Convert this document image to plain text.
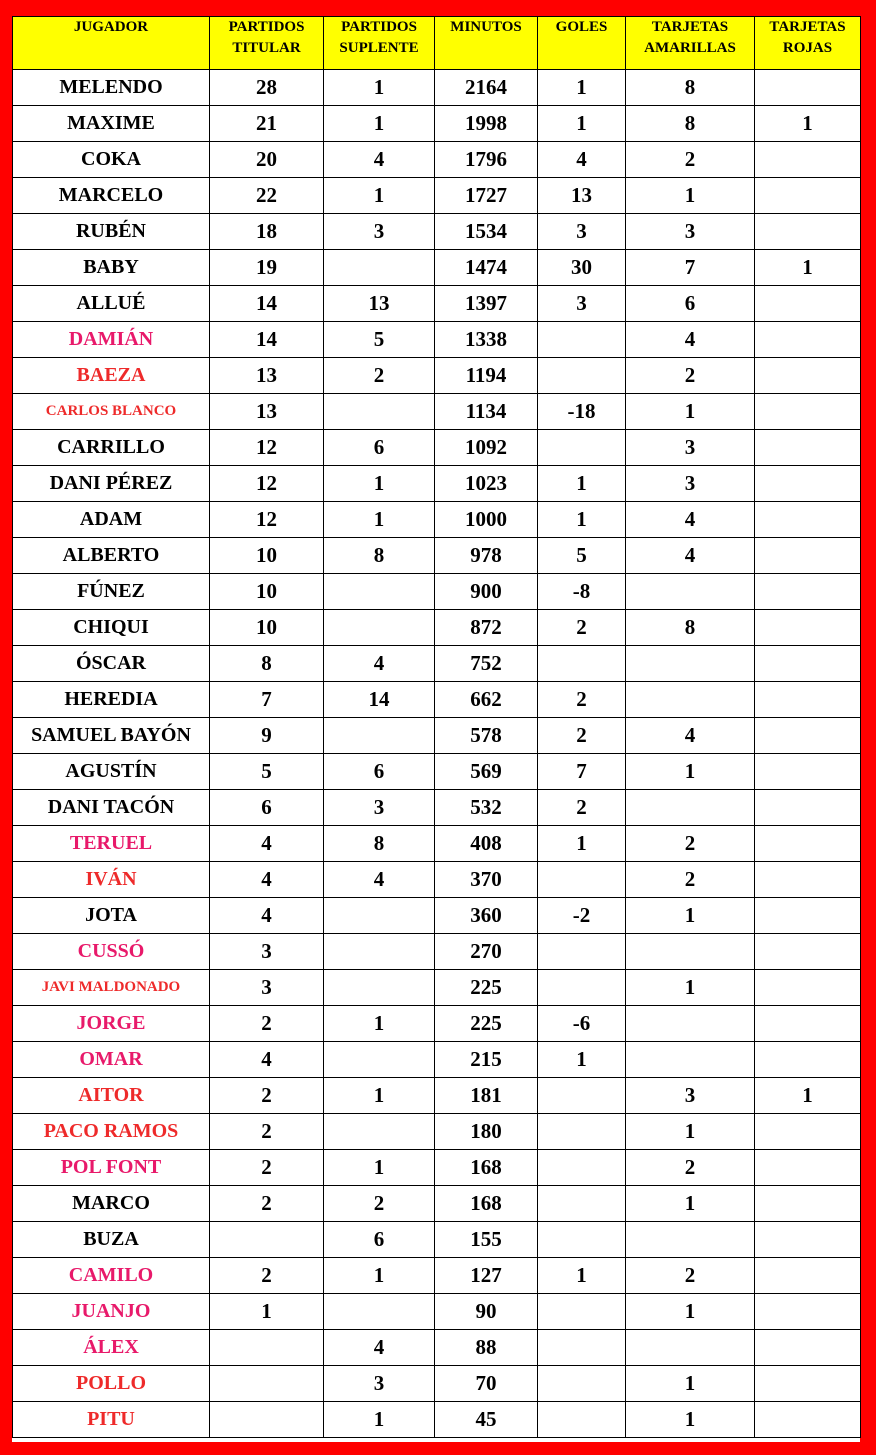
JUGADOR	PARTIDOS TITULAR	PARTIDOS SUPLENTE	MINUTOS	GOLES	TARJETAS AMARILLAS	TARJETAS ROJAS
MELENDO	28	1	2164	1	8	
MAXIME	21	1	1998	1	8	1
COKA	20	4	1796	4	2	
MARCELO	22	1	1727	13	1	
RUBÉN	18	3	1534	3	3	
BABY	19		1474	30	7	1
ALLUÉ	14	13	1397	3	6	
DAMIÁN	14	5	1338		4	
BAEZA	13	2	1194		2	
CARLOS BLANCO	13		1134	-18	1	
CARRILLO	12	6	1092		3	
DANI PÉREZ	12	1	1023	1	3	
ADAM	12	1	1000	1	4	
ALBERTO	10	8	978	5	4	
FÚNEZ	10		900	-8		
CHIQUI	10		872	2	8	
ÓSCAR	8	4	752			
HEREDIA	7	14	662	2		
SAMUEL BAYÓN	9		578	2	4	
AGUSTÍN	5	6	569	7	1	
DANI TACÓN	6	3	532	2		
TERUEL	4	8	408	1	2	
IVÁN	4	4	370		2	
JOTA	4		360	-2	1	
CUSSÓ	3		270			
JAVI MALDONADO	3		225		1	
JORGE	2	1	225	-6		
OMAR	4		215	1		
AITOR	2	1	181		3	1
PACO RAMOS	2		180		1	
POL FONT	2	1	168		2	
MARCO	2	2	168		1	
BUZA		6	155			
CAMILO	2	1	127	1	2	
JUANJO	1		90		1	
ÁLEX		4	88			
POLLO		3	70		1	
PITU		1	45		1	
